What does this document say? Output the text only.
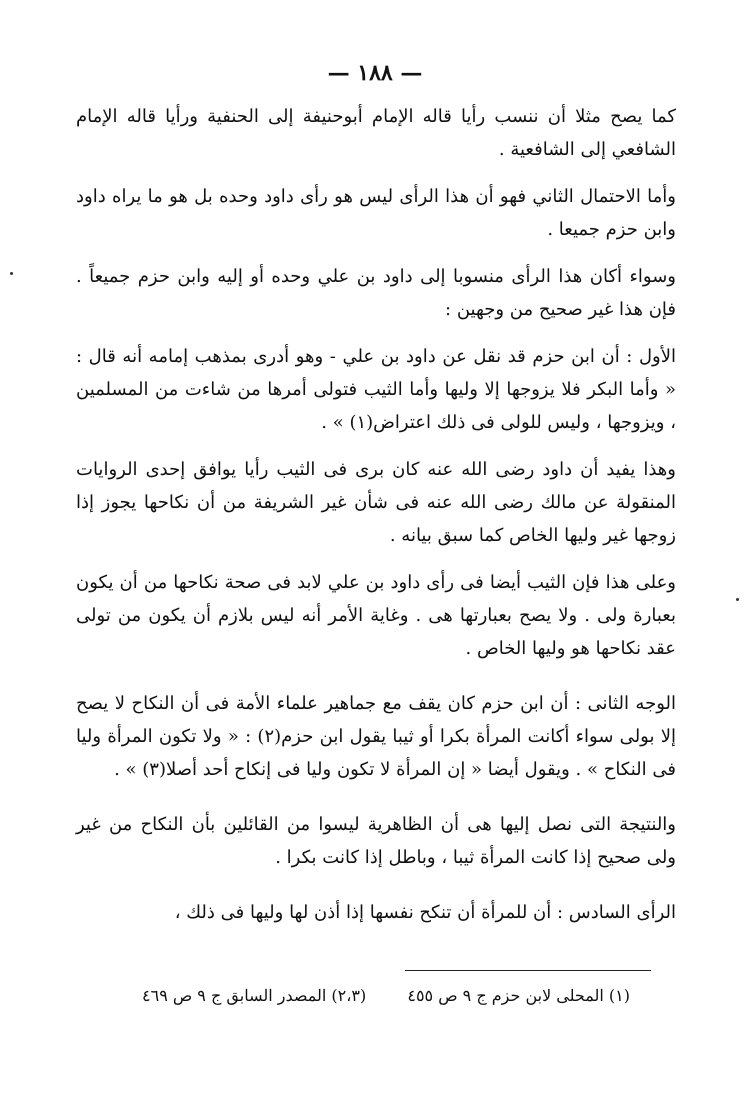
— ١٨٨ —

كما يصح مثلا أن ننسب رأيا قاله الإمام أبوحنيفة إلى الحنفية ورأيا قاله الإمام الشافعي إلى الشافعية .

وأما الاحتمال الثاني فهو أن هذا الرأى ليس هو رأى داود وحده بل هو ما يراه داود وابن حزم جميعا .

وسواء أكان هذا الرأى منسوبا إلى داود بن علي وحده أو إليه وابن حزم جميعاً . فإن هذا غير صحيح من وجهين :

الأول : أن ابن حزم قد نقل عن داود بن علي - وهو أدرى بمذهب إمامه أنه قال : « وأما البكر فلا يزوجها إلا وليها وأما الثيب فتولى أمرها من شاءت من المسلمين ، ويزوجها ، وليس للولى فى ذلك اعتراض(١) » .

وهذا يفيد أن داود رضى الله عنه كان برى فى الثيب رأيا يوافق إحدى الروايات المنقولة عن مالك رضى الله عنه فى شأن غير الشريفة من أن نكاحها يجوز إذا زوجها غير وليها الخاص كما سبق بيانه .

وعلى هذا فإن الثيب أيضا فى رأى داود بن علي لابد فى صحة نكاحها من أن يكون بعبارة ولى . ولا يصح بعبارتها هى . وغاية الأمر أنه ليس بلازم أن يكون من تولى عقد نكاحها هو وليها الخاص .

الوجه الثانى : أن ابن حزم كان يقف مع جماهير علماء الأمة فى أن النكاح لا يصح إلا بولى سواء أكانت المرأة بكرا أو ثيبا يقول ابن حزم(٢) : « ولا تكون المرأة وليا فى النكاح » . ويقول أيضا « إن المرأة لا تكون وليا فى إنكاح أحد أصلا(٣) » .

والنتيجة التى نصل إليها هى أن الظاهرية ليسوا من القائلين بأن النكاح من غير ولى صحيح إذا كانت المرأة ثيبا ، وباطل إذا كانت بكرا .

الرأى السادس : أن للمرأة أن تنكح نفسها إذا أذن لها وليها فى ذلك ،

(١) المحلى لابن حزم ج ٩ ص ٤٥٥ (٢،٣) المصدر السابق ج ٩ ص ٤٦٩
